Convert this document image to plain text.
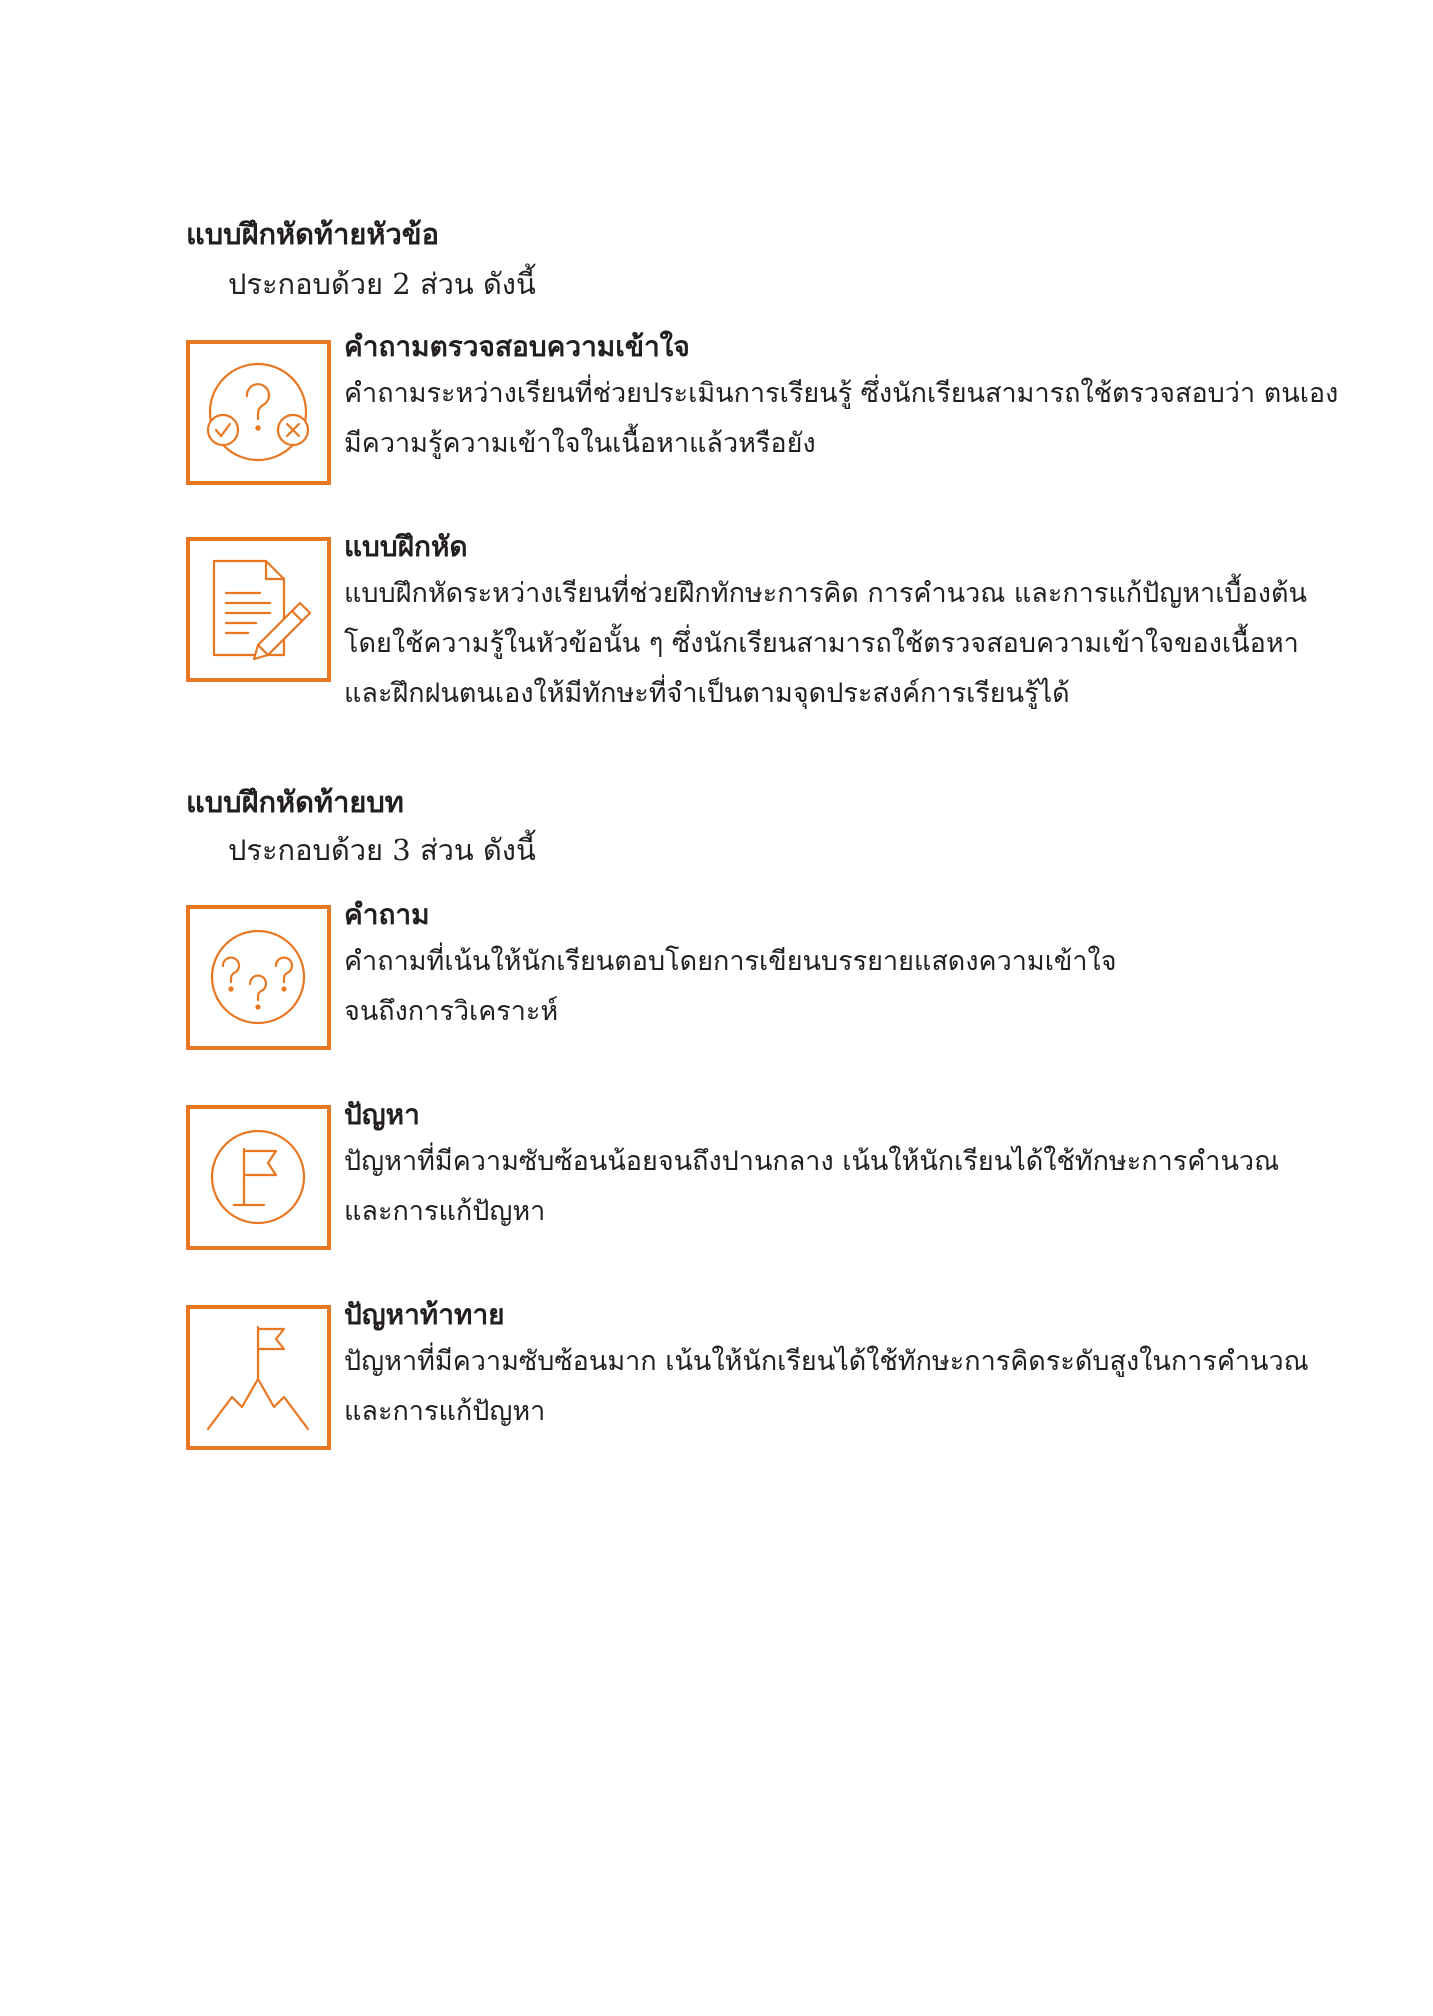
แบบฝึกหัดท้ายหัวข้อ
ประกอบด้วย 2 ส่วน ดังนี้
คำถามตรวจสอบความเข้าใจ
คำถามระหว่างเรียนที่ช่วยประเมินการเรียนรู้ ซึ่งนักเรียนสามารถใช้ตรวจสอบว่า ตนเอง
มีความรู้ความเข้าใจในเนื้อหาแล้วหรือยัง
แบบฝึกหัด
แบบฝึกหัดระหว่างเรียนที่ช่วยฝึกทักษะการคิด การคำนวณ และการแก้ปัญหาเบื้องต้น
โดยใช้ความรู้ในหัวข้อนั้น ๆ ซึ่งนักเรียนสามารถใช้ตรวจสอบความเข้าใจของเนื้อหา
และฝึกฝนตนเองให้มีทักษะที่จำเป็นตามจุดประสงค์การเรียนรู้ได้
แบบฝึกหัดท้ายบท
ประกอบด้วย 3 ส่วน ดังนี้
คำถาม
คำถามที่เน้นให้นักเรียนตอบโดยการเขียนบรรยายแสดงความเข้าใจ
จนถึงการวิเคราะห์
ปัญหา
ปัญหาที่มีความซับซ้อนน้อยจนถึงปานกลาง เน้นให้นักเรียนได้ใช้ทักษะการคำนวณ
และการแก้ปัญหา
ปัญหาท้าทาย
ปัญหาที่มีความซับซ้อนมาก เน้นให้นักเรียนได้ใช้ทักษะการคิดระดับสูงในการคำนวณ
และการแก้ปัญหา
